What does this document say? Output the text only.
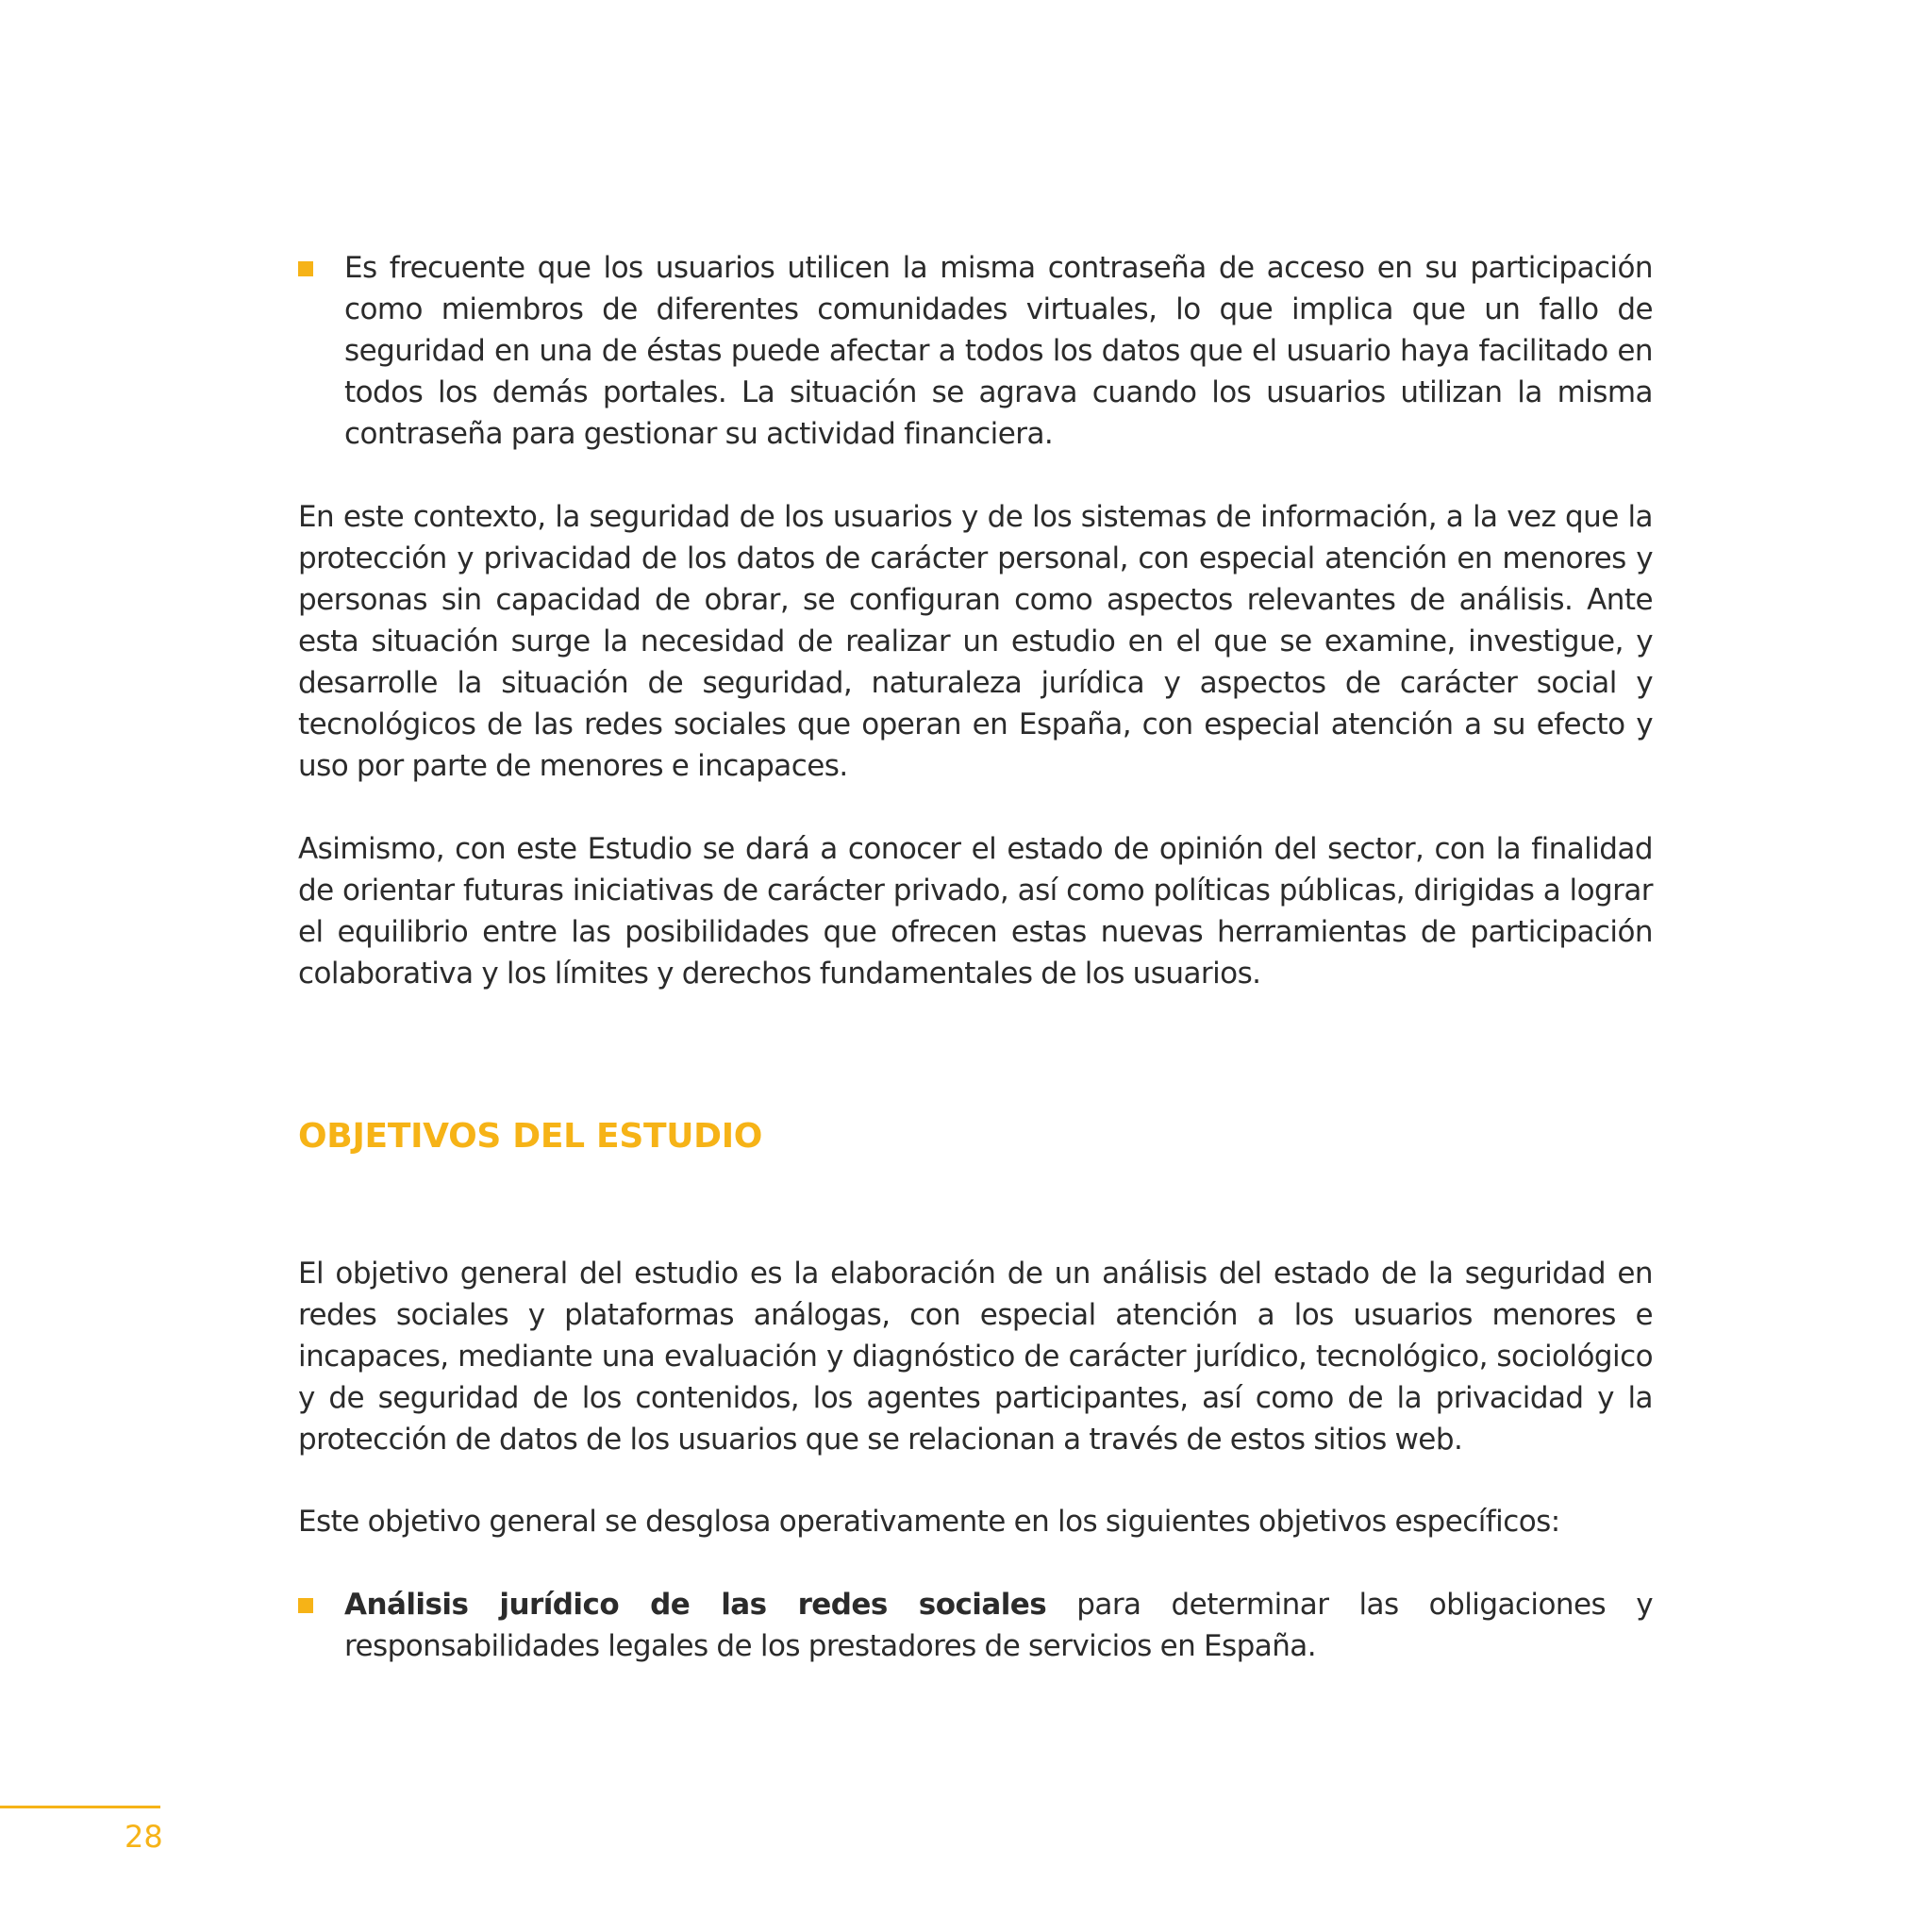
Es frecuente que los usuarios utilicen la misma contraseña de acceso en su participación como miembros de diferentes comunidades virtuales, lo que implica que un fallo de seguridad en una de éstas puede afectar a todos los datos que el usuario haya facilitado en todos los demás portales. La situación se agrava cuando los usuarios utilizan la misma contraseña para gestionar su actividad financiera.

En este contexto, la seguridad de los usuarios y de los sistemas de información, a la vez que la protección y privacidad de los datos de carácter personal, con especial atención en menores y personas sin capacidad de obrar, se configuran como aspectos relevantes de análisis. Ante esta situación surge la necesidad de realizar un estudio en el que se examine, investigue, y desarrolle la situación de seguridad, naturaleza jurídica y aspectos de carácter social y tecnológicos de las redes sociales que operan en España, con especial atención a su efecto y uso por parte de menores e incapaces.

Asimismo, con este Estudio se dará a conocer el estado de opinión del sector, con la finalidad de orientar futuras iniciativas de carácter privado, así como políticas públicas, dirigidas a lograr el equilibrio entre las posibilidades que ofrecen estas nuevas herramientas de participación colaborativa y los límites y derechos fundamentales de los usuarios.

OBJETIVOS DEL ESTUDIO

El objetivo general del estudio es la elaboración de un análisis del estado de la seguridad en redes sociales y plataformas análogas, con especial atención a los usuarios menores e incapaces, mediante una evaluación y diagnóstico de carácter jurídico, tecnológico, sociológico y de seguridad de los contenidos, los agentes participantes, así como de la privacidad y la protección de datos de los usuarios que se relacionan a través de estos sitios web.

Este objetivo general se desglosa operativamente en los siguientes objetivos específicos:

Análisis jurídico de las redes sociales para determinar las obligaciones y responsabilidades legales de los prestadores de servicios en España.
28
